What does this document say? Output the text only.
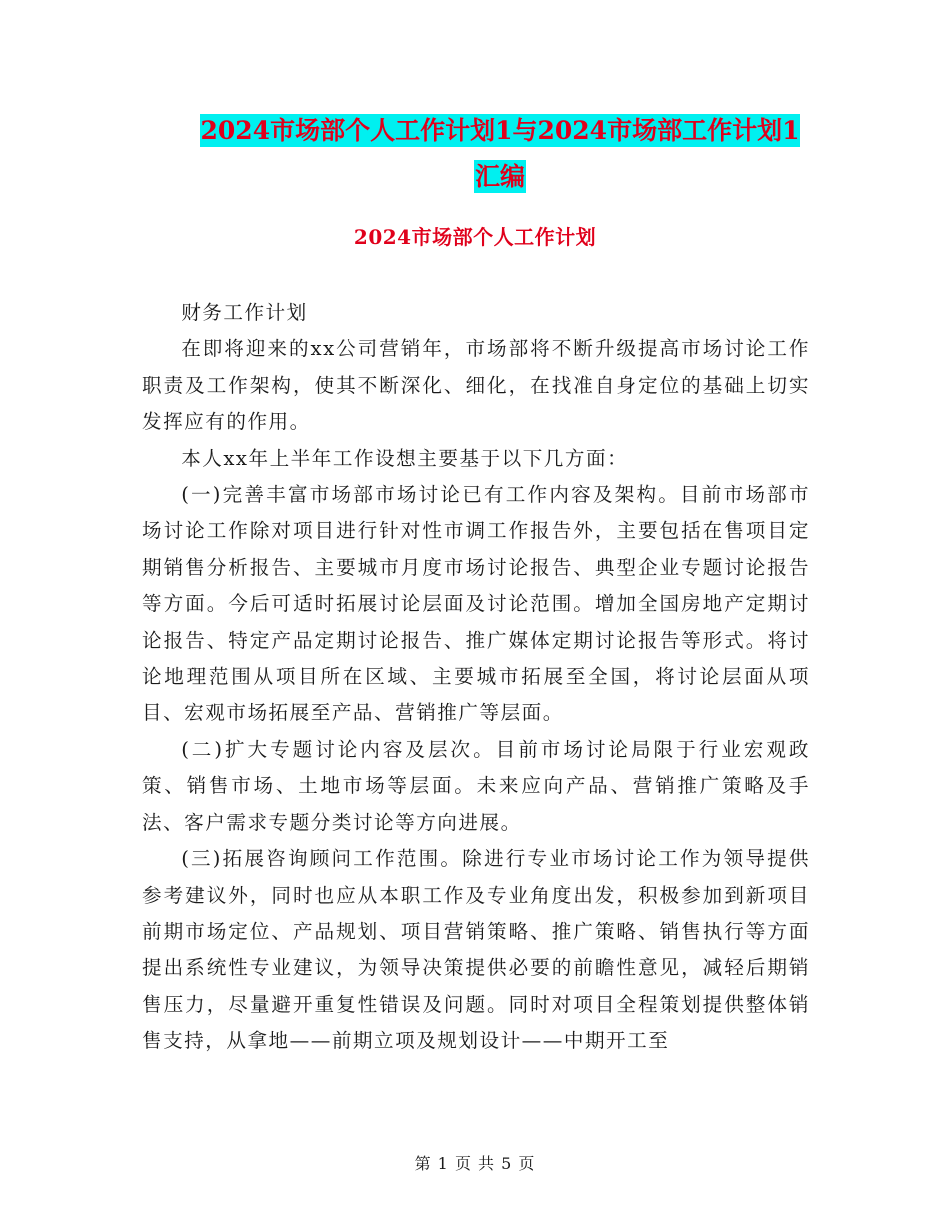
2024市场部个人工作计划1与2024市场部工作计划1
汇编
2024市场部个人工作计划

财务工作计划

在即将迎来的xx公司营销年，市场部将不断升级提高市场讨论工作职责及工作架构，使其不断深化、细化，在找准自身定位的基础上切实发挥应有的作用。

本人xx年上半年工作设想主要基于以下几方面：

(一)完善丰富市场部市场讨论已有工作内容及架构。目前市场部市场讨论工作除对项目进行针对性市调工作报告外，主要包括在售项目定期销售分析报告、主要城市月度市场讨论报告、典型企业专题讨论报告等方面。今后可适时拓展讨论层面及讨论范围。增加全国房地产定期讨论报告、特定产品定期讨论报告、推广媒体定期讨论报告等形式。将讨论地理范围从项目所在区域、主要城市拓展至全国，将讨论层面从项目、宏观市场拓展至产品、营销推广等层面。

(二)扩大专题讨论内容及层次。目前市场讨论局限于行业宏观政策、销售市场、土地市场等层面。未来应向产品、营销推广策略及手法、客户需求专题分类讨论等方向进展。

(三)拓展咨询顾问工作范围。除进行专业市场讨论工作为领导提供参考建议外，同时也应从本职工作及专业角度出发，积极参加到新项目前期市场定位、产品规划、项目营销策略、推广策略、销售执行等方面提出系统性专业建议，为领导决策提供必要的前瞻性意见，减轻后期销售压力，尽量避开重复性错误及问题。同时对项目全程策划提供整体销售支持，从拿地——前期立项及规划设计——中期开工至

第 1 页 共 5 页
